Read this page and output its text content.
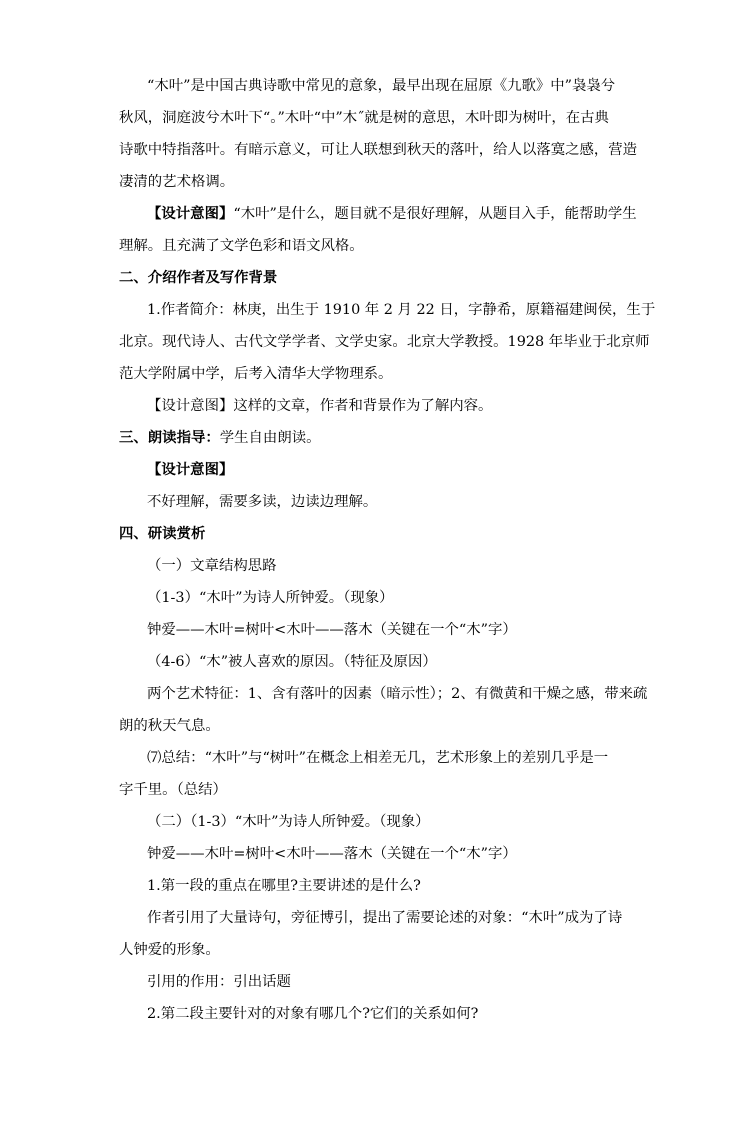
“木叶”是中国古典诗歌中常见的意象，最早出现在屈原《九歌》中”袅袅兮
秋风，洞庭波兮木叶下“。”木叶“中”木˝就是树的意思，木叶即为树叶，在古典
诗歌中特指落叶。有暗示意义，可让人联想到秋天的落叶，给人以落寞之感，营造
凄清的艺术格调。
【设计意图】“木叶”是什么，题目就不是很好理解，从题目入手，能帮助学生
理解。且充满了文学色彩和语文风格。
二、介绍作者及写作背景
1.作者简介：林庚，出生于 1910 年 2 月 22 日，字静希，原籍福建闽侯，生于
北京。现代诗人、古代文学学者、文学史家。北京大学教授。1928 年毕业于北京师
范大学附属中学，后考入清华大学物理系。
【设计意图】这样的文章，作者和背景作为了解内容。
三、朗读指导：学生自由朗读。
【设计意图】
不好理解，需要多读，边读边理解。
四、研读赏析
（一）文章结构思路
（1-3）“木叶”为诗人所钟爱。（现象）
钟爱——木叶=树叶<木叶——落木（关键在一个“木”字）
（4-6）“木”被人喜欢的原因。（特征及原因）
两个艺术特征：1、含有落叶的因素（暗示性）；2、有微黄和干燥之感，带来疏
朗的秋天气息。
⑺总结：“木叶”与“树叶”在概念上相差无几，艺术形象上的差别几乎是一
字千里。（总结）
（二）（1-3）“木叶”为诗人所钟爱。（现象）
钟爱——木叶=树叶<木叶——落木（关键在一个“木”字）
1.第一段的重点在哪里?主要讲述的是什么?
作者引用了大量诗句，旁征博引，提出了需要论述的对象：“木叶”成为了诗
人钟爱的形象。
引用的作用：引出话题
2.第二段主要针对的对象有哪几个?它们的关系如何?
